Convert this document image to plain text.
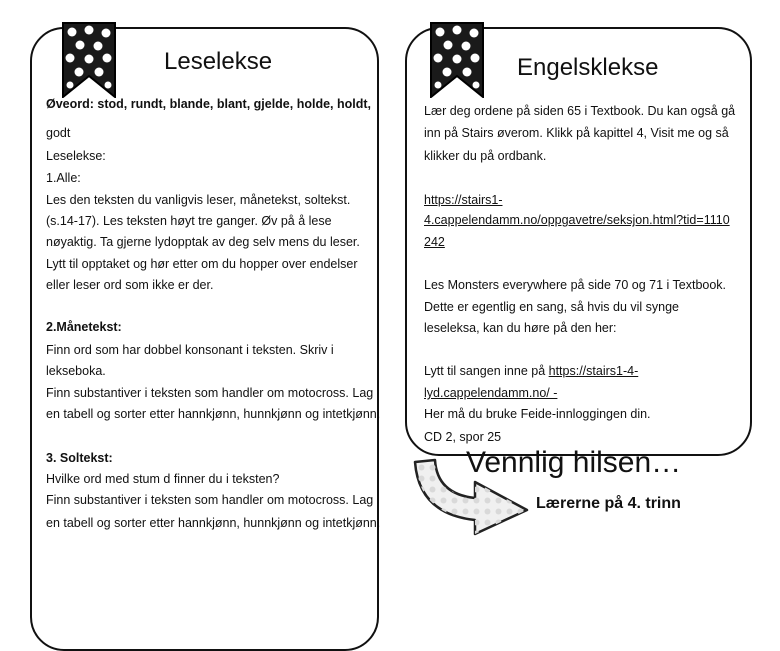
Leselekse
Øveord: stod, rundt, blande, blant, gjelde, holde, holdt,
godt
Leselekse:
1.Alle:
Les den teksten du vanligvis leser, månetekst, soltekst.
(s.14-17). Les teksten høyt tre ganger. Øv på å lese
nøyaktig. Ta gjerne lydopptak av deg selv mens du leser.
Lytt til opptaket og hør etter om du hopper over endelser
eller leser ord som ikke er der.
2.Månetekst:
Finn ord som har dobbel konsonant i teksten. Skriv i
lekseboka.
Finn substantiver i teksten som handler om motocross. Lag
en tabell og sorter etter hannkjønn, hunnkjønn og intetkjønn.
3. Soltekst:
Hvilke ord med stum d finner du i teksten?
Finn substantiver i teksten som handler om motocross. Lag
en tabell og sorter etter hannkjønn, hunnkjønn og intetkjønn.
Engelsklekse
Lær deg ordene på siden 65 i Textbook. Du kan også gå
inn på Stairs øverom. Klikk på kapittel 4, Visit me og så
klikker du på ordbank.
https://stairs1-
4.cappelendamm.no/oppgavetre/seksjon.html?tid=1110
242
Les Monsters everywhere på side 70 og 71 i Textbook.
Dette er egentlig en sang, så hvis du vil synge
leseleksa, kan du høre på den her:
Lytt til sangen inne på https://stairs1-4-
lyd.cappelendamm.no/ -
Her må du bruke Feide-innloggingen din.
CD 2, spor 25
Vennlig hilsen…
Lærerne på 4. trinn
